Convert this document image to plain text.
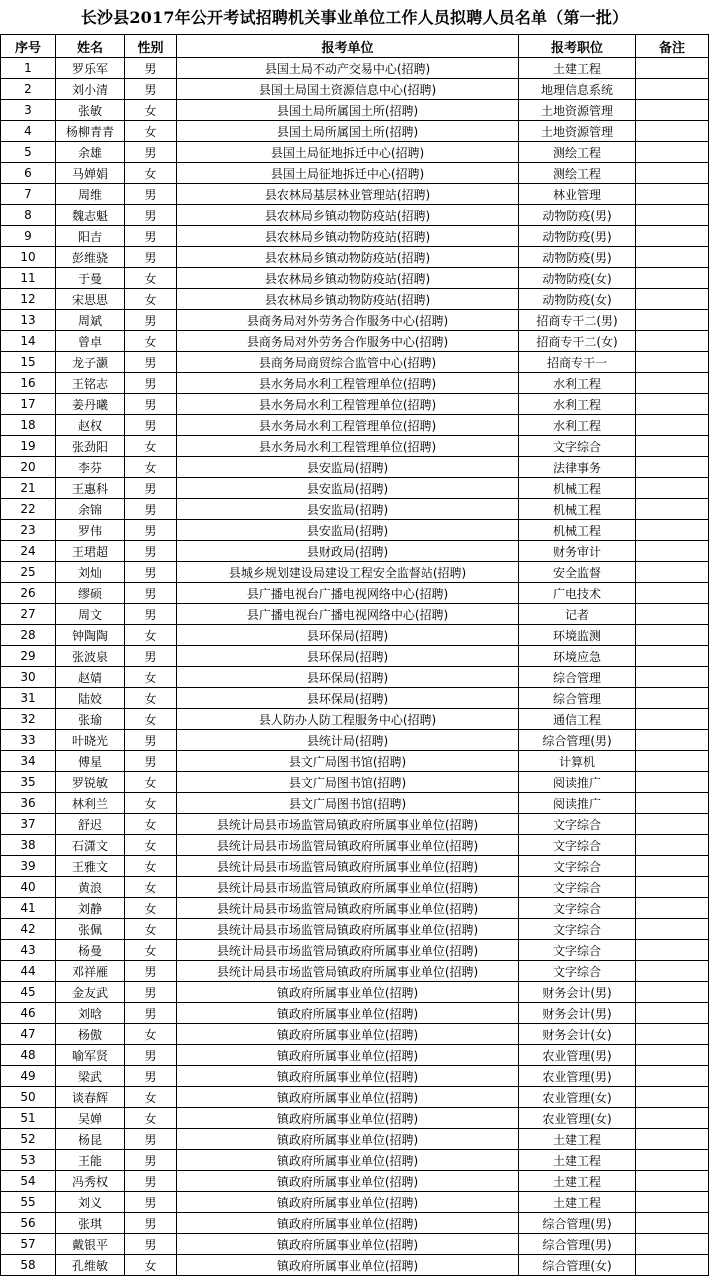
长沙县2017年公开考试招聘机关事业单位工作人员拟聘人员名单（第一批）
序号	姓名	性别	报考单位	报考职位	备注
1	罗乐军	男	县国土局不动产交易中心(招聘)	土建工程	
2	刘小清	男	县国土局国土资源信息中心(招聘)	地理信息系统	
3	张敏	女	县国土局所属国土所(招聘)	土地资源管理	
4	杨柳青青	女	县国土局所属国土所(招聘)	土地资源管理	
5	余雄	男	县国土局征地拆迁中心(招聘)	测绘工程	
6	马婵娟	女	县国土局征地拆迁中心(招聘)	测绘工程	
7	周维	男	县农林局基层林业管理站(招聘)	林业管理	
8	魏志魁	男	县农林局乡镇动物防疫站(招聘)	动物防疫(男)	
9	阳吉	男	县农林局乡镇动物防疫站(招聘)	动物防疫(男)	
10	彭维骁	男	县农林局乡镇动物防疫站(招聘)	动物防疫(男)	
11	于曼	女	县农林局乡镇动物防疫站(招聘)	动物防疫(女)	
12	宋思思	女	县农林局乡镇动物防疫站(招聘)	动物防疫(女)	
13	周斌	男	县商务局对外劳务合作服务中心(招聘)	招商专干二(男)	
14	曾卓	女	县商务局对外劳务合作服务中心(招聘)	招商专干二(女)	
15	龙子灏	男	县商务局商贸综合监管中心(招聘)	招商专干一	
16	王铭志	男	县水务局水利工程管理单位(招聘)	水利工程	
17	姜丹曦	男	县水务局水利工程管理单位(招聘)	水利工程	
18	赵权	男	县水务局水利工程管理单位(招聘)	水利工程	
19	张劲阳	女	县水务局水利工程管理单位(招聘)	文字综合	
20	李芬	女	县安监局(招聘)	法律事务	
21	王惠科	男	县安监局(招聘)	机械工程	
22	余锦	男	县安监局(招聘)	机械工程	
23	罗伟	男	县安监局(招聘)	机械工程	
24	王珺超	男	县财政局(招聘)	财务审计	
25	刘灿	男	县城乡规划建设局建设工程安全监督站(招聘)	安全监督	
26	缪硕	男	县广播电视台广播电视网络中心(招聘)	广电技术	
27	周文	男	县广播电视台广播电视网络中心(招聘)	记者	
28	钟陶陶	女	县环保局(招聘)	环境监测	
29	张波泉	男	县环保局(招聘)	环境应急	
30	赵婧	女	县环保局(招聘)	综合管理	
31	陆姣	女	县环保局(招聘)	综合管理	
32	张瑜	女	县人防办人防工程服务中心(招聘)	通信工程	
33	叶晓光	男	县统计局(招聘)	综合管理(男)	
34	傅星	男	县文广局图书馆(招聘)	计算机	
35	罗锐敏	女	县文广局图书馆(招聘)	阅读推广	
36	林利兰	女	县文广局图书馆(招聘)	阅读推广	
37	舒迟	女	县统计局县市场监管局镇政府所属事业单位(招聘)	文字综合	
38	石潇文	女	县统计局县市场监管局镇政府所属事业单位(招聘)	文字综合	
39	王雅文	女	县统计局县市场监管局镇政府所属事业单位(招聘)	文字综合	
40	黄浪	女	县统计局县市场监管局镇政府所属事业单位(招聘)	文字综合	
41	刘静	女	县统计局县市场监管局镇政府所属事业单位(招聘)	文字综合	
42	张佩	女	县统计局县市场监管局镇政府所属事业单位(招聘)	文字综合	
43	杨曼	女	县统计局县市场监管局镇政府所属事业单位(招聘)	文字综合	
44	邓祥雁	男	县统计局县市场监管局镇政府所属事业单位(招聘)	文字综合	
45	金友武	男	镇政府所属事业单位(招聘)	财务会计(男)	
46	刘晗	男	镇政府所属事业单位(招聘)	财务会计(男)	
47	杨傲	女	镇政府所属事业单位(招聘)	财务会计(女)	
48	喻军贤	男	镇政府所属事业单位(招聘)	农业管理(男)	
49	梁武	男	镇政府所属事业单位(招聘)	农业管理(男)	
50	谈春辉	女	镇政府所属事业单位(招聘)	农业管理(女)	
51	吴婵	女	镇政府所属事业单位(招聘)	农业管理(女)	
52	杨昆	男	镇政府所属事业单位(招聘)	土建工程	
53	王能	男	镇政府所属事业单位(招聘)	土建工程	
54	冯秀权	男	镇政府所属事业单位(招聘)	土建工程	
55	刘义	男	镇政府所属事业单位(招聘)	土建工程	
56	张琪	男	镇政府所属事业单位(招聘)	综合管理(男)	
57	戴银平	男	镇政府所属事业单位(招聘)	综合管理(男)	
58	孔维敏	女	镇政府所属事业单位(招聘)	综合管理(女)	
